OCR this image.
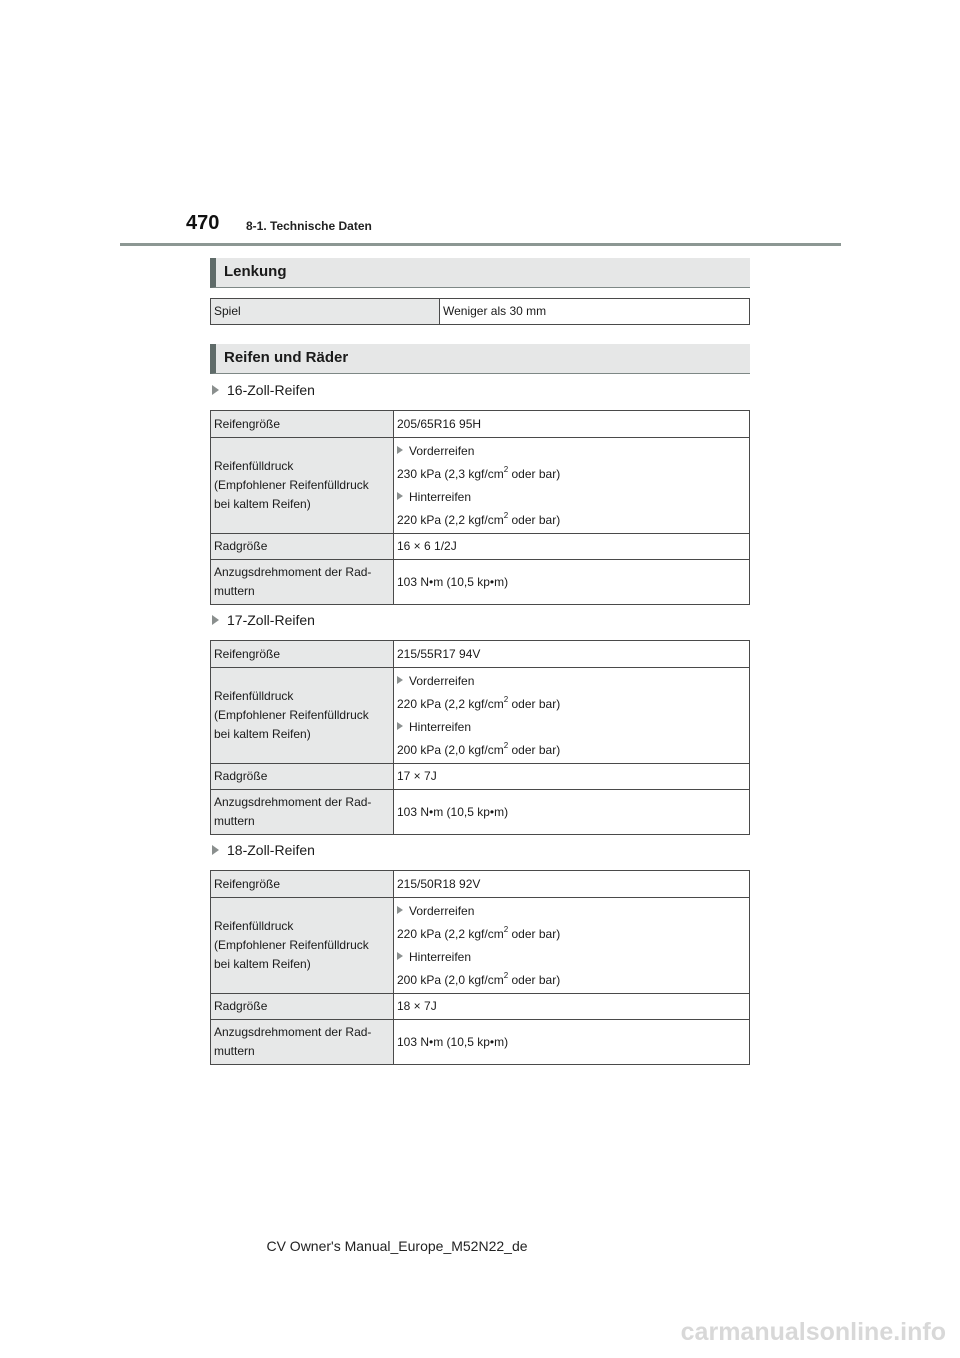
470 8-1. Technische Daten
Lenkung
Spiel	Weniger als 30 mm
Reifen und Räder
16-Zoll-Reifen
Reifengröße	205/65R16 95H

Reifenfülldruck
(Empfohlener Reifenfülldruck
bei kaltem Reifen)	Vorderreifen
230 kPa (2,3 kgf/$cm^2$ oder bar)
Hinterreifen
220 kPa (2,2 kgf/$cm^2$ oder bar)

Radgröße	16 × 6 1/2J

Anzugsdrehmoment der Rad-
muttern	103 N•m (10,5 kp•m)
17-Zoll-Reifen
Reifengröße	215/55R17 94V

Reifenfülldruck
(Empfohlener Reifenfülldruck
bei kaltem Reifen)	Vorderreifen
220 kPa (2,2 kgf/$cm^2$ oder bar)
Hinterreifen
200 kPa (2,0 kgf/$cm^2$ oder bar)

Radgröße	17 × 7J

Anzugsdrehmoment der Rad-
muttern	103 N•m (10,5 kp•m)
18-Zoll-Reifen
Reifengröße	215/50R18 92V

Reifenfülldruck
(Empfohlener Reifenfülldruck
bei kaltem Reifen)	Vorderreifen
220 kPa (2,2 kgf/$cm^2$ oder bar)
Hinterreifen
200 kPa (2,0 kgf/$cm^2$ oder bar)

Radgröße	18 × 7J

Anzugsdrehmoment der Rad-
muttern	103 N•m (10,5 kp•m)
CV Owner's Manual_Europe_M52N22_de
carmanualsonline.info
